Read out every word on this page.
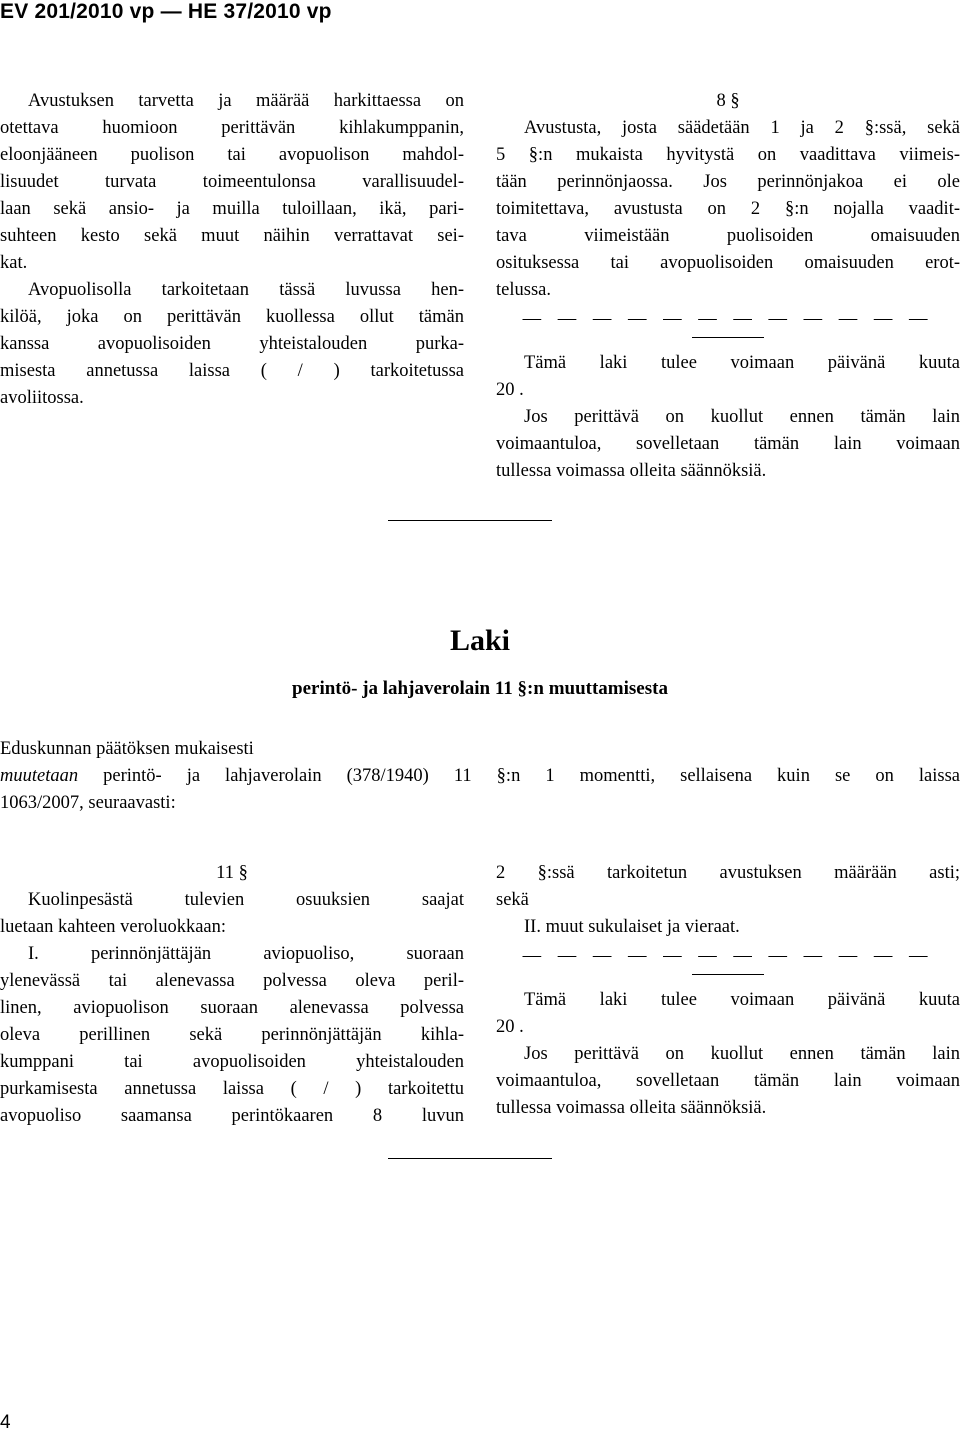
EV 201/2010 vp — HE 37/2010 vp

Avustuksen tarvetta ja määrää harkittaessa on

otettava huomioon perittävän kihlakumppanin,

eloonjääneen puolison tai avopuolison mahdol-

lisuudet turvata toimeentulonsa varallisuudel-

laan sekä ansio- ja muilla tuloillaan, ikä, pari-

suhteen kesto sekä muut näihin verrattavat sei-

kat.

Avopuolisolla tarkoitetaan tässä luvussa hen-

kilöä, joka on perittävän kuollessa ollut tämän

kanssa avopuolisoiden yhteistalouden purka-

misesta annetussa laissa ( / ) tarkoitetussa

avoliitossa.

8 §

Avustusta, josta säädetään 1 ja 2 §:ssä, sekä

5 §:n mukaista hyvitystä on vaadittava viimeis-

tään perinnönjaossa. Jos perinnönjakoa ei ole

toimitettava, avustusta on 2 §:n nojalla vaadit-

tava viimeistään puolisoiden omaisuuden

osituksessa tai avopuolisoiden omaisuuden erot-

telussa.

— — — — — — — — — — — —

Tämä laki tulee voimaan päivänä kuuta

20 .

Jos perittävä on kuollut ennen tämän lain

voimaantuloa, sovelletaan tämän lain voimaan

tullessa voimassa olleita säännöksiä.

Laki
perintö- ja lahjaverolain 11 §:n muuttamisesta
Eduskunnan päätöksen mukaisesti
muutetaan perintö- ja lahjaverolain (378/1940) 11 §:n 1 momentti, sellaisena kuin se on laissa
1063/2007, seuraavasti:

11 §

Kuolinpesästä tulevien osuuksien saajat

luetaan kahteen veroluokkaan:

I. perinnönjättäjän aviopuoliso, suoraan

ylenevässä tai alenevassa polvessa oleva peril-

linen, aviopuolison suoraan alenevassa polvessa

oleva perillinen sekä perinnönjättäjän kihla-

kumppani tai avopuolisoiden yhteistalouden

purkamisesta annetussa laissa ( / ) tarkoitettu

avopuoliso saamansa perintökaaren 8 luvun

2 §:ssä tarkoitetun avustuksen määrään asti;

sekä

II. muut sukulaiset ja vieraat.

— — — — — — — — — — — —

Tämä laki tulee voimaan päivänä kuuta

20 .

Jos perittävä on kuollut ennen tämän lain

voimaantuloa, sovelletaan tämän lain voimaan

tullessa voimassa olleita säännöksiä.

4
